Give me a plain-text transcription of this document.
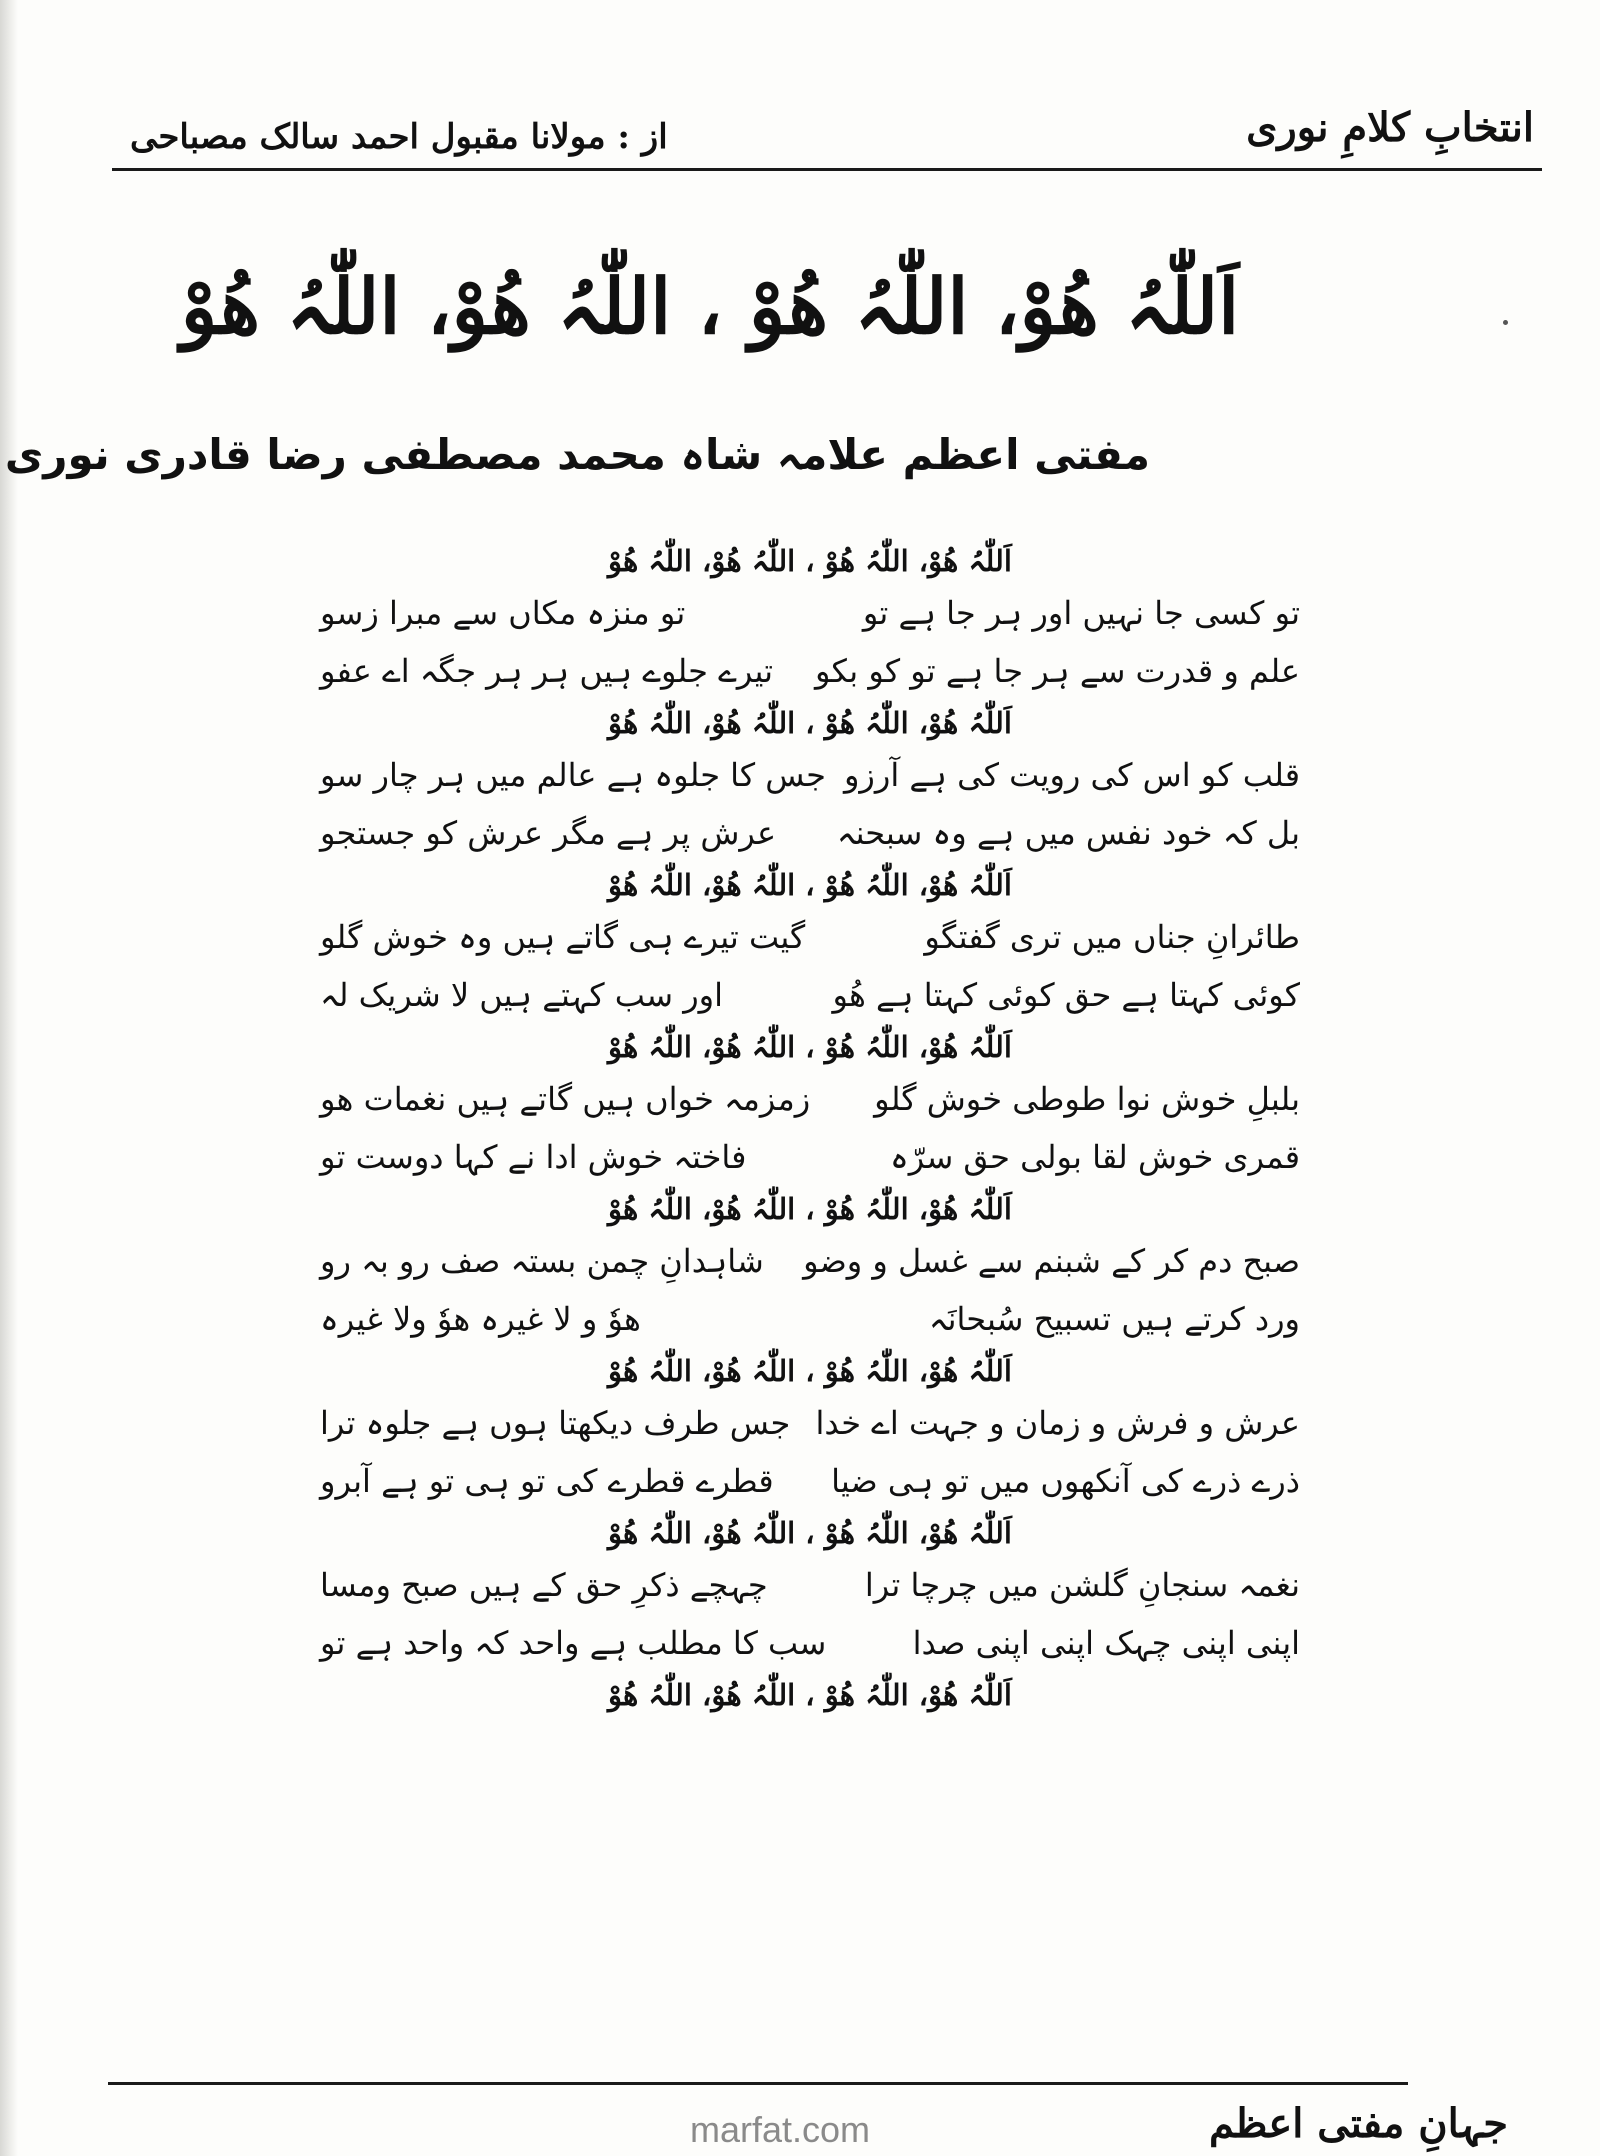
انتخابِ کلامِ نوری
از : مولانا مقبول احمد سالک مصباحی
اَللّٰہُ ھُوْ، اللّٰہُ ھُوْ ، اللّٰہُ ھُوْ، اللّٰہُ ھُوْ
مفتی اعظم علامہ شاہ محمد مصطفی رضا قادری نوری
اَللّٰہُ ھُوْ، اللّٰہُ ھُوْ ، اللّٰہُ ھُوْ، اللّٰہُ ھُوْ
تو کسی جا نہیں اور ہر جا ہے تو
تو منزہ مکاں سے مبرا زسو
علم و قدرت سے ہر جا ہے تو کو بکو
تیرے جلوے ہیں ہر ہر جگہ اے عفو
اَللّٰہُ ھُوْ، اللّٰہُ ھُوْ ، اللّٰہُ ھُوْ، اللّٰہُ ھُوْ
قلب کو اس کی رویت کی ہے آرزو
جس کا جلوہ ہے عالم میں ہر چار سو
بل کہ خود نفس میں ہے وہ سبحنہ
عرش پر ہے مگر عرش کو جستجو
اَللّٰہُ ھُوْ، اللّٰہُ ھُوْ ، اللّٰہُ ھُوْ، اللّٰہُ ھُوْ
طائرانِ جناں میں تری گفتگو
گیت تیرے ہی گاتے ہیں وہ خوش گلو
کوئی کہتا ہے حق کوئی کہتا ہے ھُو
اور سب کہتے ہیں لا شریک لہ
اَللّٰہُ ھُوْ، اللّٰہُ ھُوْ ، اللّٰہُ ھُوْ، اللّٰہُ ھُوْ
بلبلِ خوش نوا طوطی خوش گلو
زمزمہ خواں ہیں گاتے ہیں نغمات ھو
قمری خوش لقا بولی حق سرّہ
فاختہ خوش ادا نے کہا دوست تو
اَللّٰہُ ھُوْ، اللّٰہُ ھُوْ ، اللّٰہُ ھُوْ، اللّٰہُ ھُوْ
صبح دم کر کے شبنم سے غسل و وضو
شاہدانِ چمن بستہ صف رو بہ رو
ورد کرتے ہیں تسبیح سُبحانَہ
ھوٗ و لا غیرہ ھوٗ ولا غیرہ
اَللّٰہُ ھُوْ، اللّٰہُ ھُوْ ، اللّٰہُ ھُوْ، اللّٰہُ ھُوْ
عرش و فرش و زمان و جہت اے خدا
جس طرف دیکھتا ہوں ہے جلوہ ترا
ذرے ذرے کی آنکھوں میں تو ہی ضیا
قطرے قطرے کی تو ہی تو ہے آبرو
اَللّٰہُ ھُوْ، اللّٰہُ ھُوْ ، اللّٰہُ ھُوْ، اللّٰہُ ھُوْ
نغمہ سنجانِ گلشن میں چرچا ترا
چہچے ذکرِ حق کے ہیں صبح ومسا
اپنی اپنی چہک اپنی اپنی صدا
سب کا مطلب ہے واحد کہ واحد ہے تو
اَللّٰہُ ھُوْ، اللّٰہُ ھُوْ ، اللّٰہُ ھُوْ، اللّٰہُ ھُوْ
marfat.com	جہانِ مفتی اعظم
